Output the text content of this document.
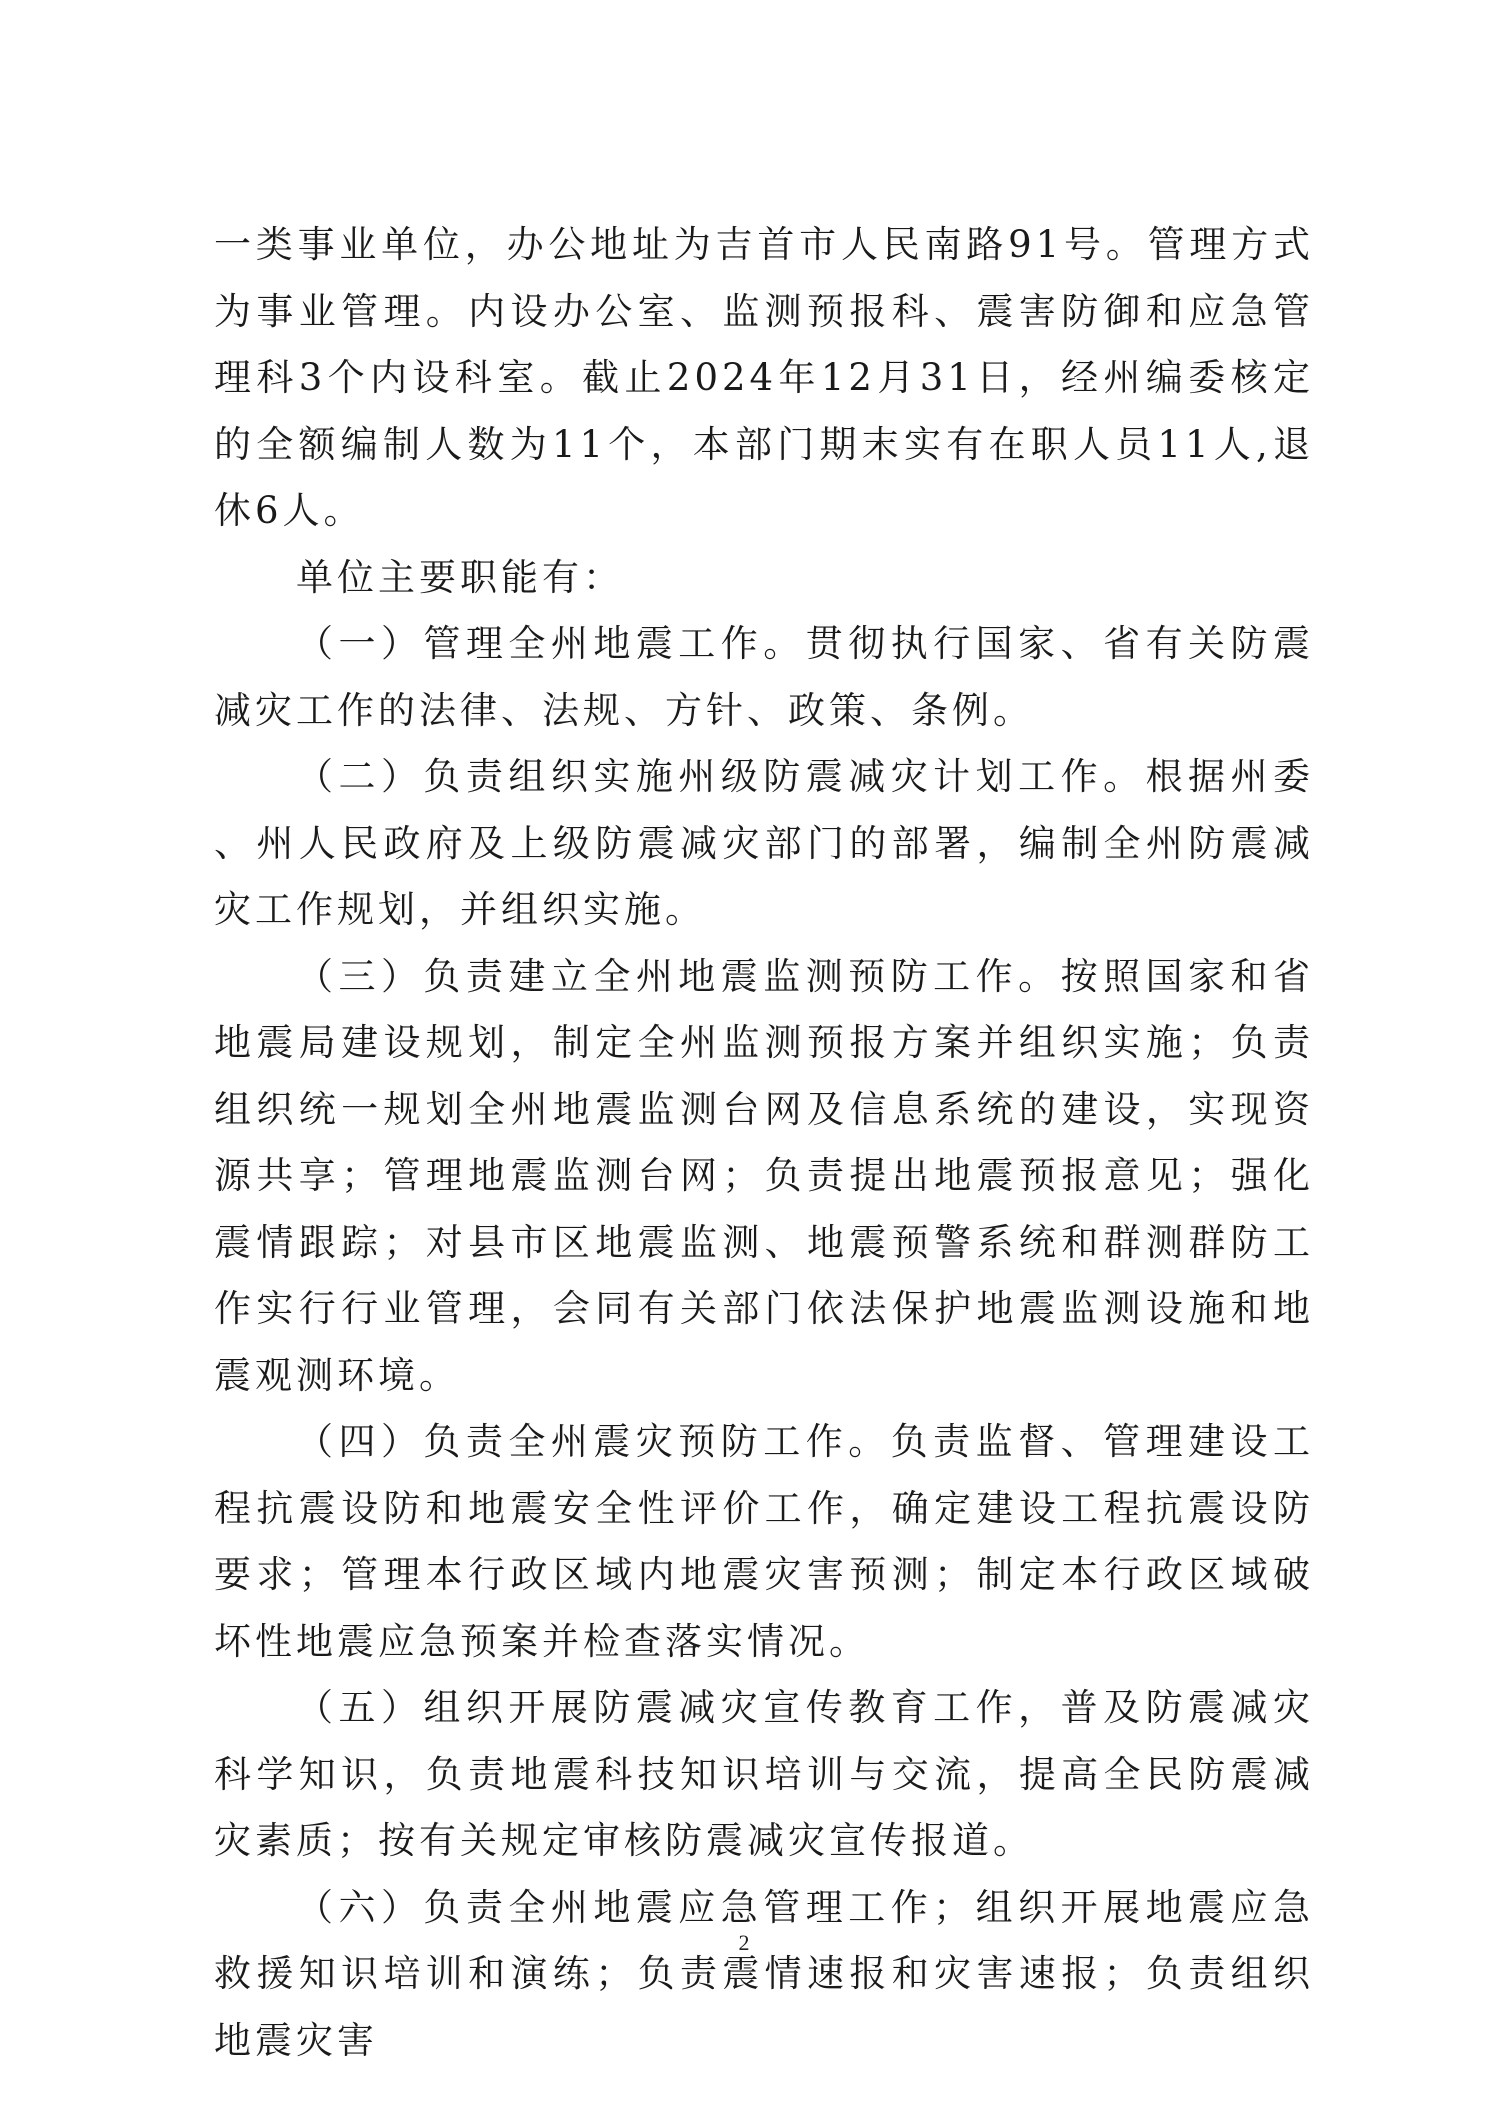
一类事业单位，办公地址为吉首市人民南路91号。管理方式为事业管理。内设办公室、监测预报科、震害防御和应急管理科3个内设科室。截止2024年12月31日，经州编委核定的全额编制人数为11个，本部门期末实有在职人员11人,退休6人。

单位主要职能有：

（一）管理全州地震工作。贯彻执行国家、省有关防震减灾工作的法律、法规、方针、政策、条例。

（二）负责组织实施州级防震减灾计划工作。根据州委、州人民政府及上级防震减灾部门的部署，编制全州防震减灾工作规划，并组织实施。

（三）负责建立全州地震监测预防工作。按照国家和省地震局建设规划，制定全州监测预报方案并组织实施；负责组织统一规划全州地震监测台网及信息系统的建设，实现资源共享；管理地震监测台网；负责提出地震预报意见；强化震情跟踪；对县市区地震监测、地震预警系统和群测群防工作实行行业管理，会同有关部门依法保护地震监测设施和地震观测环境。

（四）负责全州震灾预防工作。负责监督、管理建设工程抗震设防和地震安全性评价工作，确定建设工程抗震设防要求；管理本行政区域内地震灾害预测；制定本行政区域破坏性地震应急预案并检查落实情况。

（五）组织开展防震减灾宣传教育工作，普及防震减灾科学知识，负责地震科技知识培训与交流，提高全民防震减灾素质；按有关规定审核防震减灾宣传报道。

（六）负责全州地震应急管理工作；组织开展地震应急救援知识培训和演练；负责震情速报和灾害速报；负责组织地震灾害

2
